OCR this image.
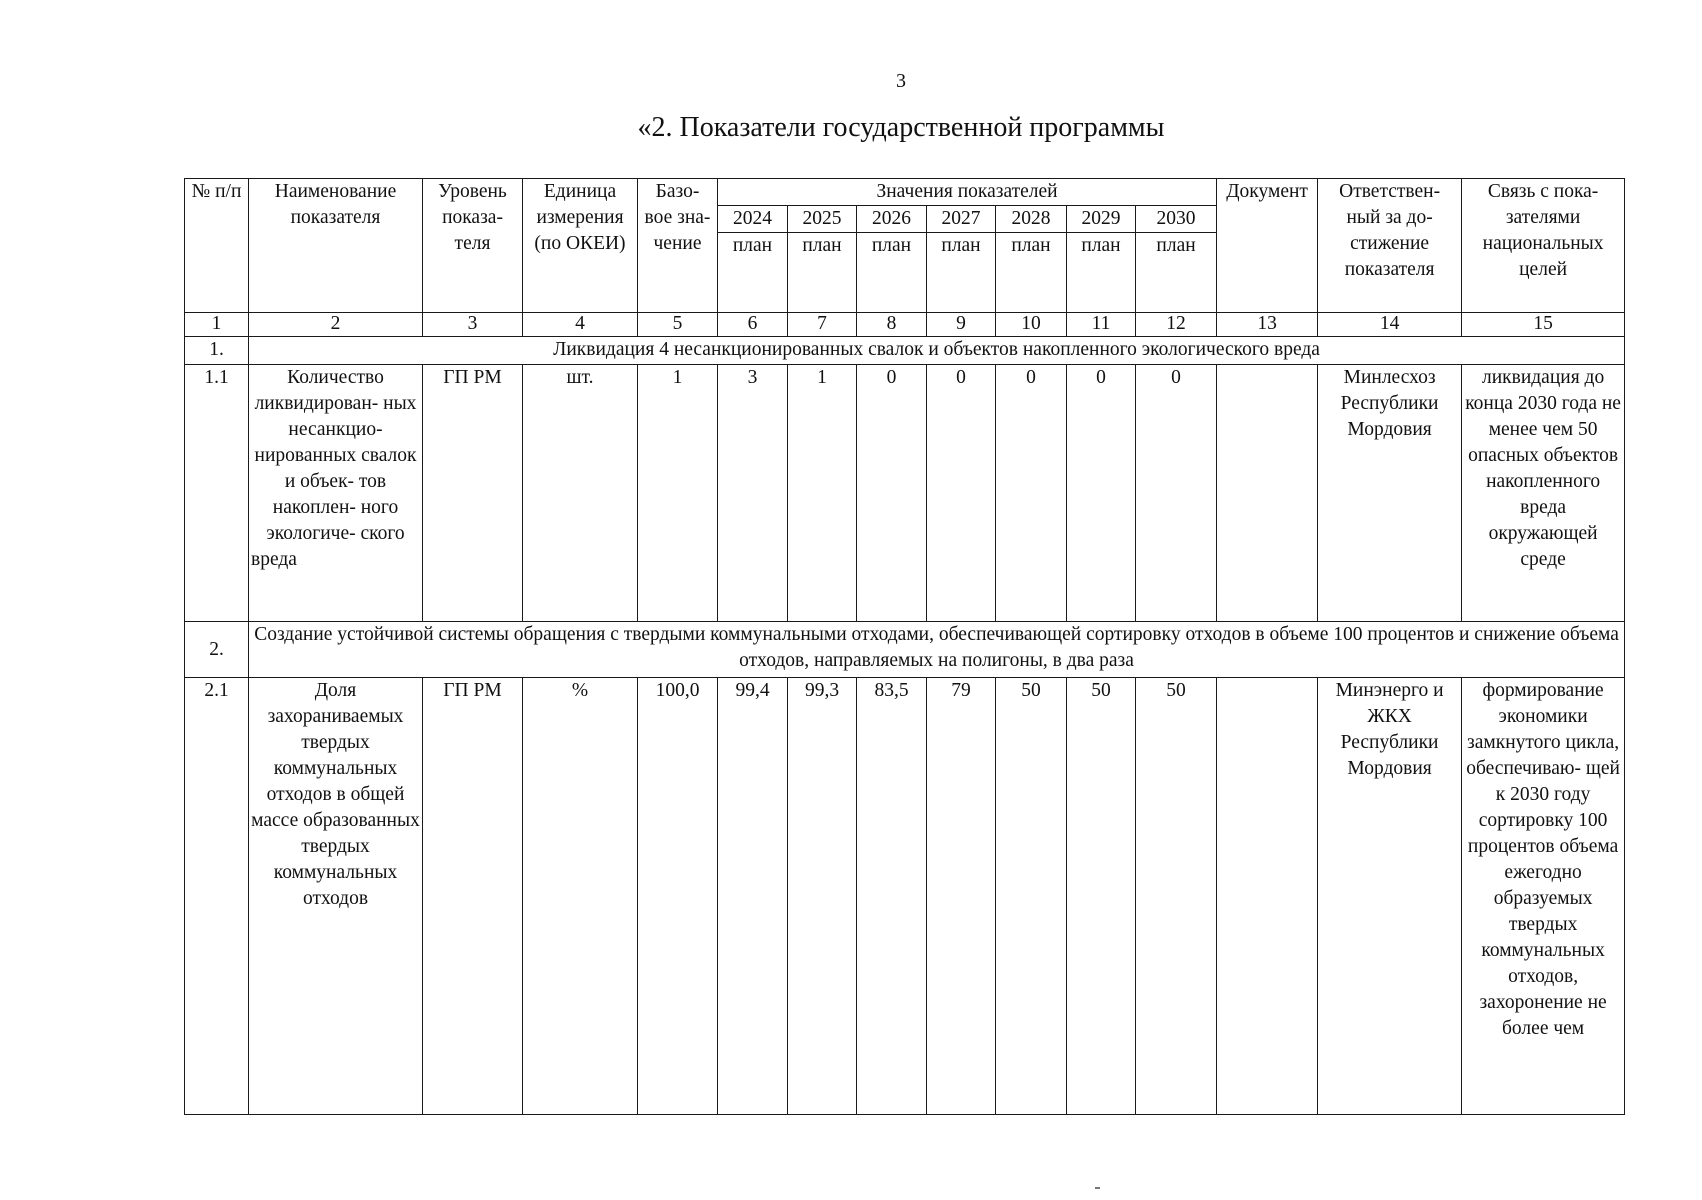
3
«2. Показатели государственной программы
№ п/п	Наименование показателя	Уровень показа- теля	Единица измерения (по ОКЕИ)	Базо- вое зна- чение	Значения показателей							Документ	Ответствен- ный за до- стижение показателя	Связь с пока- зателями национальных целей
					2024	2025	2026	2027	2028	2029	2030			
					план	план	план	план	план	план	план			
1	2	3	4	5	6	7	8	9	10	11	12	13	14	15
1.	Ликвидация 4 несанкционированных свалок и объектов накопленного экологического вреда													
1.1	Количество ликвидирован- ных несанкцио- нированных свалок и объек- тов накоплен- ного экологиче- ского вреда	ГП РМ	шт.	1	3	1	0	0	0	0	0		Минлесхоз Республики Мордовия	ликвидация до конца 2030 года не менее чем 50 опасных объектов накопленного вреда окружающей среде
2.	Создание устойчивой системы обращения с твердыми коммунальными отходами, обеспечивающей сортировку отходов в объеме 100 процентов и снижение объема отходов, направляемых на полигоны, в два раза													
2.1	Доля захораниваемых твердых коммунальных отходов в общей массе образованных твердых коммунальных отходов	ГП РМ	%	100,0	99,4	99,3	83,5	79	50	50	50		Минэнерго и ЖКХ Республики Мордовия	формирование экономики замкнутого цикла, обеспечиваю- щей к 2030 году сортировку 100 процентов объема ежегодно образуемых твердых коммунальных отходов, захоронение не более чем
